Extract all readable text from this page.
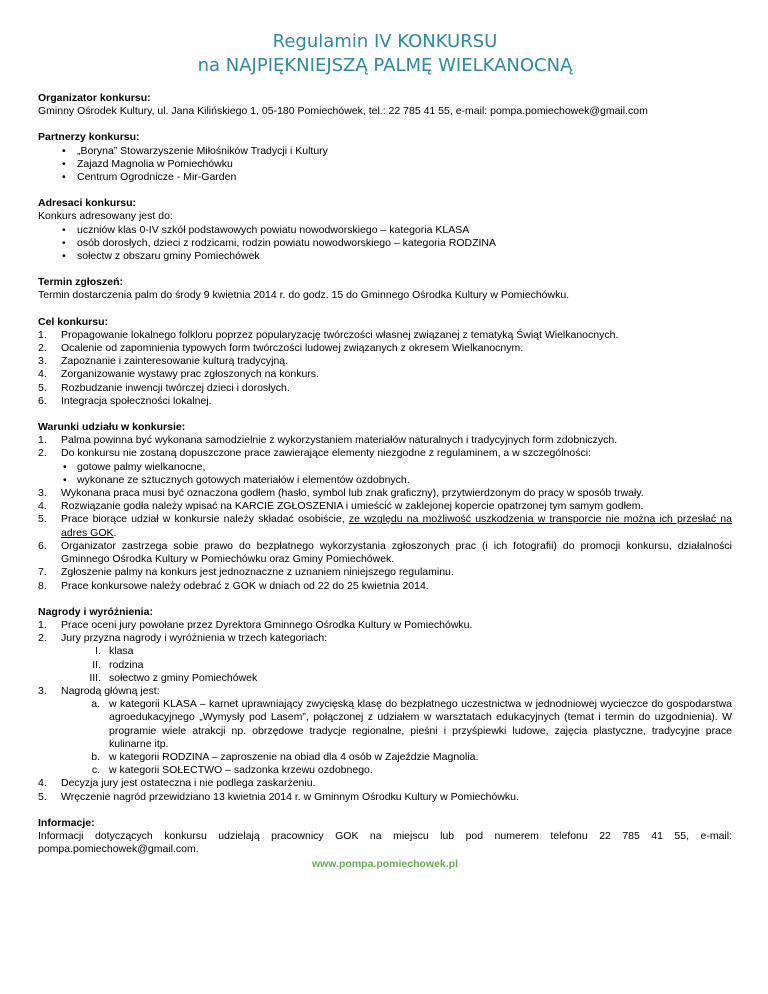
Regulamin IV KONKURSU
na NAJPIĘKNIEJSZĄ PALMĘ WIELKANOCNĄ
Organizator konkursu:
Gminny Ośrodek Kultury, ul. Jana Kilińskiego 1, 05-180 Pomiechówek, tel.: 22 785 41 55, e-mail: pompa.pomiechowek@gmail.com
Partnerzy konkursu:
• „Boryna” Stowarzyszenie Miłośników Tradycji i Kultury
• Zajazd Magnolia w Pomiechówku
• Centrum Ogrodnicze - Mir-Garden
Adresaci konkursu:
Konkurs adresowany jest do:
• uczniów klas 0-IV szkół podstawowych powiatu nowodworskiego – kategoria KLASA
• osób dorosłych, dzieci z rodzicami, rodzin powiatu nowodworskiego – kategoria RODZINA
• sołectw z obszaru gminy Pomiechówek
Termin zgłoszeń:
Termin dostarczenia palm do środy 9 kwietnia 2014 r. do godz. 15 do Gminnego Ośrodka Kultury w Pomiechówku.
Cel konkursu:
1. Propagowanie lokalnego folkloru poprzez popularyzację twórczości własnej związanej z tematyką Świąt Wielkanocnych.
2. Ocalenie od zapomnienia typowych form twórczości ludowej związanych z okresem Wielkanocnym.
3. Zapoznanie i zainteresowanie kulturą tradycyjną.
4. Zorganizowanie wystawy prac zgłoszonych na konkurs.
5. Rozbudzanie inwencji twórczej dzieci i dorosłych.
6. Integracja społeczności lokalnej.
Warunki udziału w konkursie:
1. Palma powinna być wykonana samodzielnie z wykorzystaniem materiałów naturalnych i tradycyjnych form zdobniczych.
2. Do konkursu nie zostaną dopuszczone prace zawierające elementy niezgodne z regulaminem, a w szczególności:
• gotowe palmy wielkanocne,
• wykonane ze sztucznych gotowych materiałów i elementów ozdobnych.
3. Wykonana praca musi być oznaczona godłem (hasło, symbol lub znak graficzny), przytwierdzonym do pracy w sposób trwały.
4. Rozwiązanie godła należy wpisać na KARCIE ZGŁOSZENIA i umieścić w zaklejonej kopercie opatrzonej tym samym godłem.
5. Prace biorące udział w konkursie należy składać osobiście, ze względu na możliwość uszkodzenia w transporcie nie można ich przesłać na adres GOK.
6. Organizator zastrzega sobie prawo do bezpłatnego wykorzystania zgłoszonych prac (i ich fotografii) do promocji konkursu, działalności Gminnego Ośrodka Kultury w Pomiechówku oraz Gminy Pomiechówek.
7. Zgłoszenie palmy na konkurs jest jednoznaczne z uznaniem niniejszego regulaminu.
8. Prace konkursowe należy odebrać z GOK w dniach od 22 do 25 kwietnia 2014.
Nagrody i wyróżnienia:
1. Prace oceni jury powołane przez Dyrektora Gminnego Ośrodka Kultury w Pomiechówku.
2. Jury przyzna nagrody i wyróżnienia w trzech kategoriach:
I. klasa
II. rodzina
III. sołectwo z gminy Pomiechówek
3. Nagrodą główną jest:
a. w kategorii KLASA – karnet uprawniający zwycięską klasę do bezpłatnego uczestnictwa w jednodniowej wycieczce do gospodarstwa agroedukacyjnego „Wymysły pod Lasem”, połączonej z udziałem w warsztatach edukacyjnych (temat i termin do uzgodnienia). W programie wiele atrakcji np. obrzędowe tradycje regionalne, pieśni i przyśpiewki ludowe, zajęcia plastyczne, tradycyjne prace kulinarne itp.
b. w kategorii RODZINA – zaproszenie na obiad dla 4 osób w Zajeździe Magnolia.
c. w kategorii SOŁECTWO – sadzonka krzewu ozdobnego.
4. Decyzja jury jest ostateczna i nie podlega zaskarżeniu.
5. Wręczenie nagród przewidziano 13 kwietnia 2014 r. w Gminnym Ośrodku Kultury w Pomiechówku.
Informacje:
Informacji dotyczących konkursu udzielają pracownicy GOK na miejscu lub pod numerem telefonu 22 785 41 55, e-mail: pompa.pomiechowek@gmail.com.
www.pompa.pomiechowek.pl
